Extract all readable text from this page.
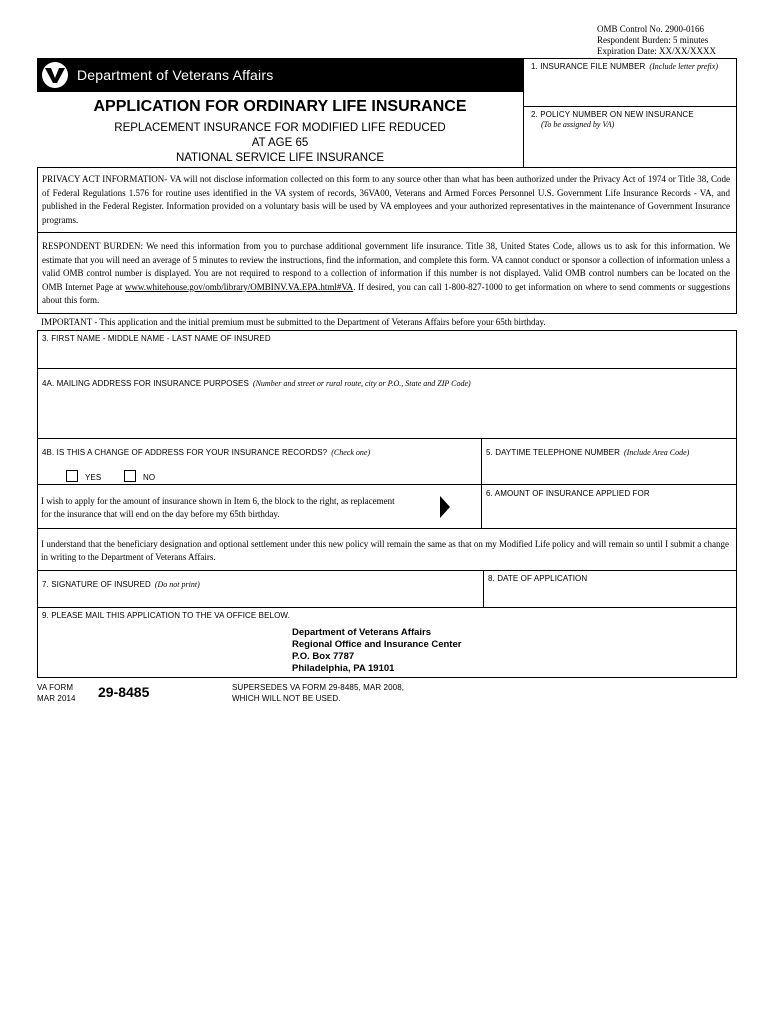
OMB Control No. 2900-0166
Respondent Burden: 5 minutes
Expiration Date: XX/XX/XXXX
Department of Veterans Affairs
APPLICATION FOR ORDINARY LIFE INSURANCE
REPLACEMENT INSURANCE FOR MODIFIED LIFE REDUCED
AT AGE 65
NATIONAL SERVICE LIFE INSURANCE
1. INSURANCE FILE NUMBER (Include letter prefix)
2. POLICY NUMBER ON NEW INSURANCE
(To be assigned by VA)
PRIVACY ACT INFORMATION- VA will not disclose information collected on this form to any source other than what has been authorized under the Privacy Act of 1974 or Title 38, Code of Federal Regulations 1.576 for routine uses identified in the VA system of records, 36VA00, Veterans and Armed Forces Personnel U.S. Government Life Insurance Records - VA, and published in the Federal Register. Information provided on a voluntary basis will be used by VA employees and your authorized representatives in the maintenance of Government Insurance programs.
RESPONDENT BURDEN: We need this information from you to purchase additional government life insurance. Title 38, United States Code, allows us to ask for this information. We estimate that you will need an average of 5 minutes to review the instructions, find the information, and complete this form. VA cannot conduct or sponsor a collection of information unless a valid OMB control number is displayed. You are not required to respond to a collection of information if this number is not displayed. Valid OMB control numbers can be located on the OMB Internet Page at www.whitehouse.gov/omb/library/OMBINV.VA.EPA.html#VA. If desired, you can call 1-800-827-1000 to get information on where to send comments or suggestions about this form.
IMPORTANT - This application and the initial premium must be submitted to the Department of Veterans Affairs before your 65th birthday.
3. FIRST NAME - MIDDLE NAME - LAST NAME OF INSURED
4A. MAILING ADDRESS FOR INSURANCE PURPOSES (Number and street or rural route, city or P.O., State and ZIP Code)
4B. IS THIS A CHANGE OF ADDRESS FOR YOUR INSURANCE RECORDS? (Check one)
YES	NO
5. DAYTIME TELEPHONE NUMBER (Include Area Code)
I wish to apply for the amount of insurance shown in Item 6, the block to the right, as replacement for the insurance that will end on the day before my 65th birthday.
6. AMOUNT OF INSURANCE APPLIED FOR
I understand that the beneficiary designation and optional settlement under this new policy will remain the same as that on my Modified Life policy and will remain so until I submit a change in writing to the Department of Veterans Affairs.
7. SIGNATURE OF INSURED (Do not print)
8. DATE OF APPLICATION
9. PLEASE MAIL THIS APPLICATION TO THE VA OFFICE BELOW.
Department of Veterans Affairs
Regional Office and Insurance Center
P.O. Box 7787
Philadelphia, PA 19101
VA FORM
MAR 2014 29-8485	SUPERSEDES VA FORM 29-8485, MAR 2008,
WHICH WILL NOT BE USED.
